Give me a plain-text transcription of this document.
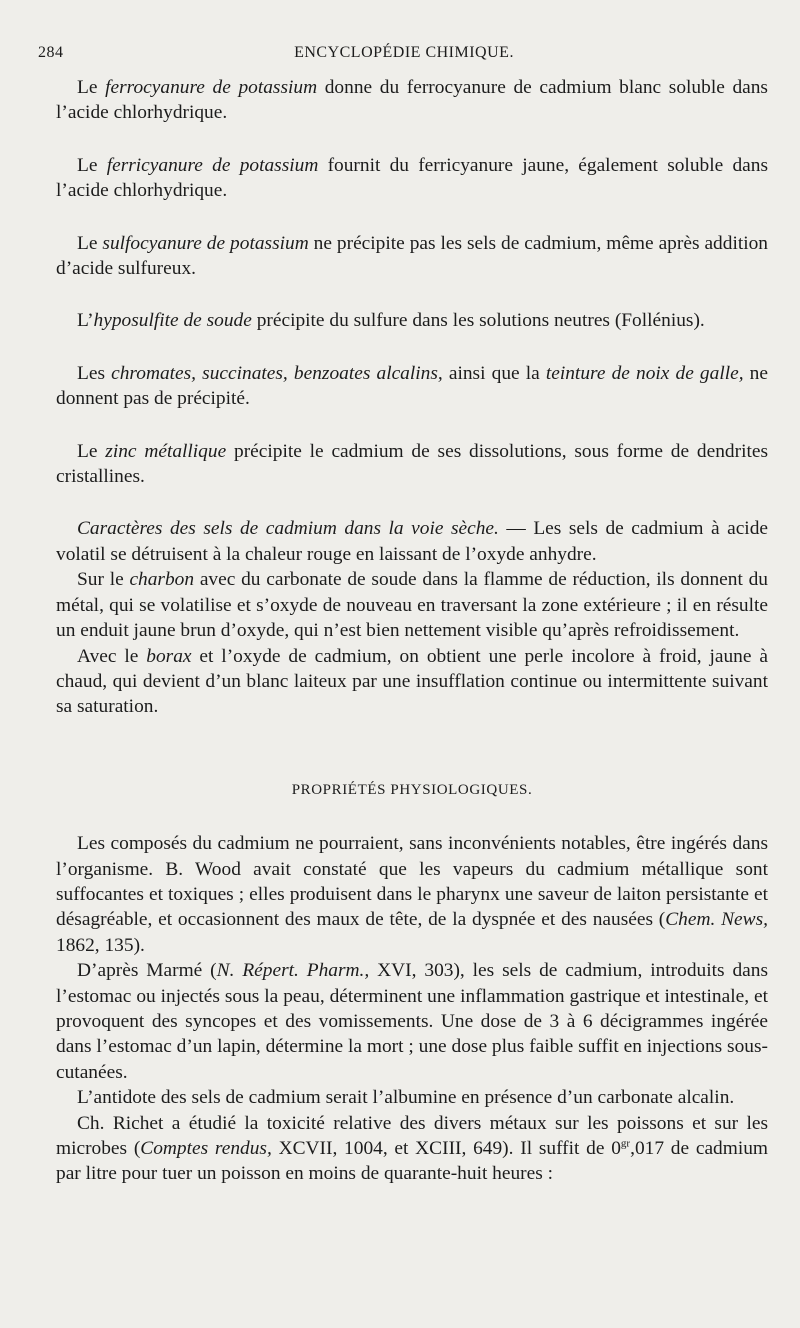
284	ENCYCLOPÉDIE CHIMIQUE.

Le ferrocyanure de potassium donne du ferrocyanure de cadmium blanc soluble dans l’acide chlorhydrique.

Le ferricyanure de potassium fournit du ferricyanure jaune, également soluble dans l’acide chlorhydrique.

Le sulfocyanure de potassium ne précipite pas les sels de cadmium, même après addition d’acide sulfureux.

L’hyposulfite de soude précipite du sulfure dans les solutions neutres (Follénius).

Les chromates, succinates, benzoates alcalins, ainsi que la teinture de noix de galle, ne donnent pas de précipité.

Le zinc métallique précipite le cadmium de ses dissolutions, sous forme de dendrites cristallines.

Caractères des sels de cadmium dans la voie sèche. — Les sels de cadmium à acide volatil se détruisent à la chaleur rouge en laissant de l’oxyde anhydre.

Sur le charbon avec du carbonate de soude dans la flamme de réduction, ils donnent du métal, qui se volatilise et s’oxyde de nouveau en traversant la zone extérieure ; il en résulte un enduit jaune brun d’oxyde, qui n’est bien nettement visible qu’après refroidissement.

Avec le borax et l’oxyde de cadmium, on obtient une perle incolore à froid, jaune à chaud, qui devient d’un blanc laiteux par une insufflation continue ou intermittente suivant sa saturation.

PROPRIÉTÉS PHYSIOLOGIQUES.

Les composés du cadmium ne pourraient, sans inconvénients notables, être ingérés dans l’organisme. B. Wood avait constaté que les vapeurs du cadmium métallique sont suffocantes et toxiques ; elles produisent dans le pharynx une saveur de laiton persistante et désagréable, et occasionnent des maux de tête, de la dyspnée et des nausées (Chem. News, 1862, 135).

D’après Marmé (N. Répert. Pharm., XVI, 303), les sels de cadmium, introduits dans l’estomac ou injectés sous la peau, déterminent une inflammation gastrique et intestinale, et provoquent des syncopes et des vomissements. Une dose de 3 à 6 décigrammes ingérée dans l’estomac d’un lapin, détermine la mort ; une dose plus faible suffit en injections sous-cutanées.

L’antidote des sels de cadmium serait l’albumine en présence d’un carbonate alcalin.

Ch. Richet a étudié la toxicité relative des divers métaux sur les poissons et sur les microbes (Comptes rendus, XCVII, 1004, et XCIII, 649). Il suffit de $0^{gr},017$ de cadmium par litre pour tuer un poisson en moins de quarante-huit heures :
